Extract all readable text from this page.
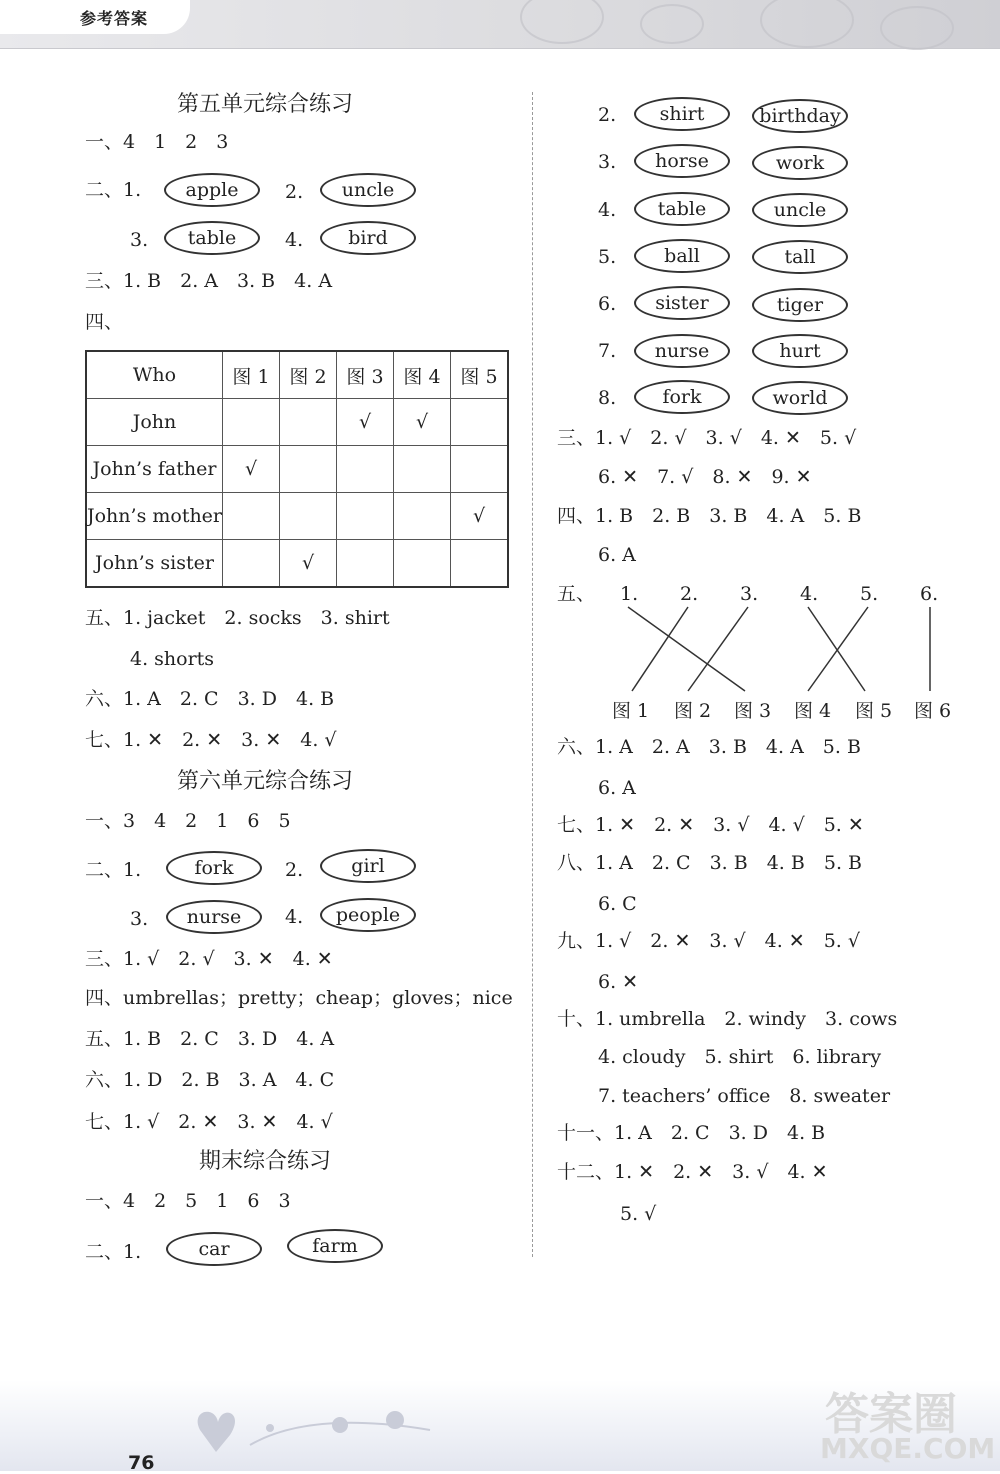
参考答案
第五单元综合练习
一、4　1　2　3
二、1.	apple	2.	uncle
3.	table	4.	bird
三、1. B　2. A　3. B　4. A
四、
Who	图 1	图 2	图 3	图 4	图 5
John			√	√	
John’s father	√				
John’s mother					√
John’s sister		√			
五、1. jacket　2. socks　3. shirt
4. shorts
六、1. A　2. C　3. D　4. B
七、1. ✕　2. ✕　3. ✕　4. √
第六单元综合练习
一、3　4　2　1　6　5
二、1.	fork	2.	girl
3.	nurse	4.	people
三、1. √　2. √　3. ✕　4. ✕
四、umbrellas；pretty；cheap；gloves；nice
五、1. B　2. C　3. D　4. A
六、1. D　2. B　3. A　4. C
七、1. √　2. ✕　3. ✕　4. √
期末综合练习
一、4　2　5　1　6　3
二、1.	car	farm
2.	shirt	birthday
3.	horse	work
4.	table	uncle
5.	ball	tall
6.	sister	tiger
7.	nurse	hurt
8.	fork	world
三、1. √　2. √　3. √　4. ✕　5. √
6. ✕　7. √　8. ✕　9. ✕
四、1. B　2. B　3. B　4. A　5. B
6. A
五、 1. 2. 3. 4. 5. 6.
图 1 图 2 图 3 图 4 图 5 图 6
六、1. A　2. A　3. B　4. A　5. B
6. A
七、1. ✕　2. ✕　3. √　4. √　5. ✕
八、1. A　2. C　3. B　4. B　5. B
6. C
九、1. √　2. ✕　3. √　4. ✕　5. √
6. ✕
十、1. umbrella　2. windy　3. cows
4. cloudy　5. shirt　6. library
7. teachers’ office　8. sweater
十一、1. A　2. C　3. D　4. B
十二、1. ✕　2. ✕　3. √　4. ✕
5. √
76
答案圈
MXQE.COM
